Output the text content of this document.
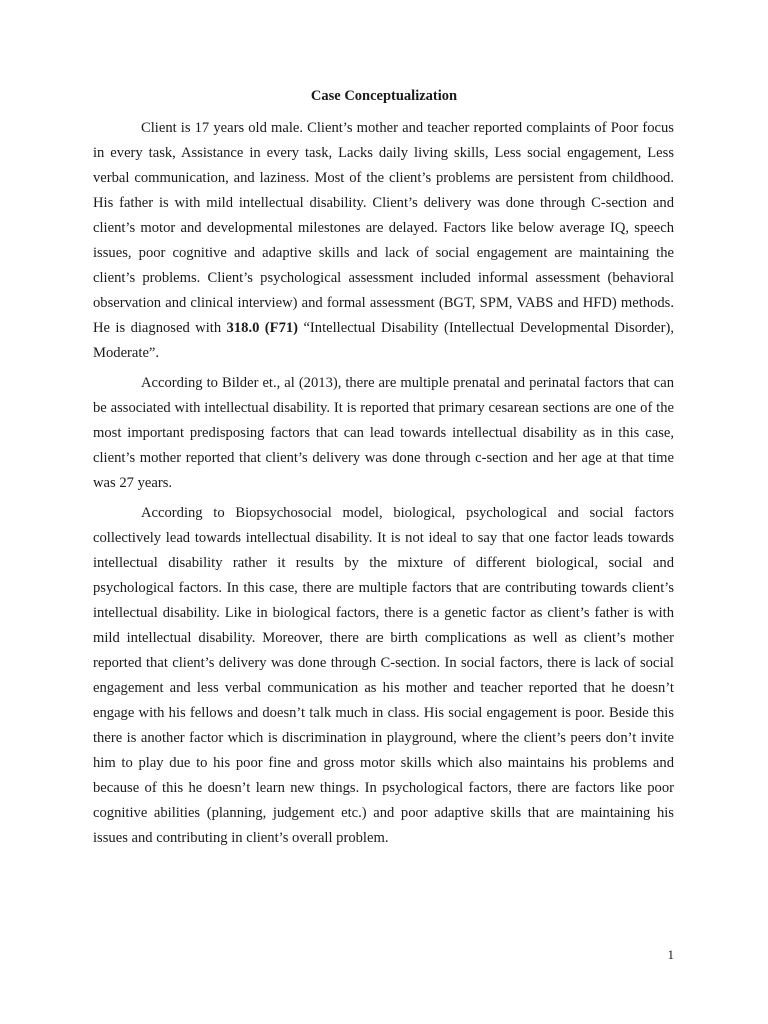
Case Conceptualization

Client is 17 years old male. Client’s mother and teacher reported complaints of Poor focus in every task, Assistance in every task, Lacks daily living skills, Less social engagement, Less verbal communication, and laziness. Most of the client’s problems are persistent from childhood. His father is with mild intellectual disability. Client’s delivery was done through C-section and client’s motor and developmental milestones are delayed. Factors like below average IQ, speech issues, poor cognitive and adaptive skills and lack of social engagement are maintaining the client’s problems. Client’s psychological assessment included informal assessment (behavioral observation and clinical interview) and formal assessment (BGT, SPM, VABS and HFD) methods. He is diagnosed with 318.0 (F71) “Intellectual Disability (Intellectual Developmental Disorder), Moderate”.

According to Bilder et., al (2013), there are multiple prenatal and perinatal factors that can be associated with intellectual disability. It is reported that primary cesarean sections are one of the most important predisposing factors that can lead towards intellectual disability as in this case, client’s mother reported that client’s delivery was done through c-section and her age at that time was 27 years.

According to Biopsychosocial model, biological, psychological and social factors collectively lead towards intellectual disability. It is not ideal to say that one factor leads towards intellectual disability rather it results by the mixture of different biological, social and psychological factors. In this case, there are multiple factors that are contributing towards client’s intellectual disability. Like in biological factors, there is a genetic factor as client’s father is with mild intellectual disability. Moreover, there are birth complications as well as client’s mother reported that client’s delivery was done through C-section. In social factors, there is lack of social engagement and less verbal communication as his mother and teacher reported that he doesn’t engage with his fellows and doesn’t talk much in class. His social engagement is poor. Beside this there is another factor which is discrimination in playground, where the client’s peers don’t invite him to play due to his poor fine and gross motor skills which also maintains his problems and because of this he doesn’t learn new things. In psychological factors, there are factors like poor cognitive abilities (planning, judgement etc.) and poor adaptive skills that are maintaining his issues and contributing in client’s overall problem.

1
